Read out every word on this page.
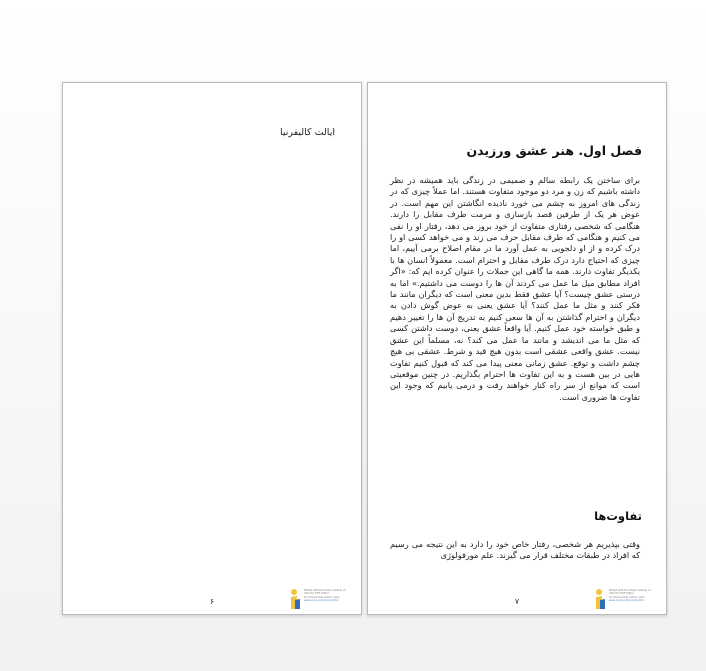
ایالت کالیفرنیا
Edited with the demo version of
Infix Pro PDF Editor
To remove this notice, visit:
www.iceni.com/unlock.htm
۶
فصل اول. هنر عشق ورزیدن
برای ساختن یک رابطه سالم و صمیمی در زندگی باید همیشه در نظر داشته باشیم که زن و مرد دو موجود متفاوت هستند. اما عملاً چیزی که در زندگی های امروز به چشم می خورد نادیده انگاشتن این مهم است. در عوض هر یک از طرفین قصد بازسازی و مرمت طرف مقابل را دارند. هنگامی که شخصی رفتاری متفاوت از خود بروز می دهد، رفتار او را نفی می کنیم و هنگامی که طرف مقابل حرف می زند و می خواهد کسی او را درک کرده و از او دلجویی به عمل آورد ما در مقام اصلاح برمی آییم، اما چیزی که احتیاج دارد درک طرف مقابل و احترام است. معمولاً انسان ها با یکدیگر تفاوت دارند. همه ما گاهی این جملات را عنوان کرده ایم که: «اگر افراد مطابق میل ما عمل می کردند آن ها را دوست می داشتیم.» اما به درستی عشق چیست؟ آیا عشق فقط بدین معنی است که دیگران مانند ما فکر کنند و مثل ما عمل کنند؟ آیا عشق یعنی به عوض گوش دادن به دیگران و احترام گذاشتن به آن ها سعی کنیم به تدریج آن ها را تغییر دهیم و طبق خواسته خود عمل کنیم. آیا واقعاً عشق یعنی، دوست داشتن کسی که مثل ما می اندیشد و مانند ما عمل می کند؟ نه، مسلماً این عشق نیست. عشق واقعی عشقی است بدون هیچ قید و شرط. عشقی بی هیچ چشم داشت و توقع. عشق زمانی معنی پیدا می کند که قبول کنیم تفاوت هایی در بین هست و به این تفاوت ها احترام بگذاریم. در چنین موقعیتی است که موانع از سر راه کنار خواهند رفت و درمی یابیم که وجود این تفاوت ها ضروری است.
تفاوت‌ها
وقتی بپذیریم هر شخصی، رفتار خاص خود را دارد به این نتیجه می رسیم که افراد در طبقات مختلف قرار می گیرند. علم مورفولوژی
Edited with the demo version of
Infix Pro PDF Editor
To remove this notice, visit:
www.iceni.com/unlock.htm
۷
